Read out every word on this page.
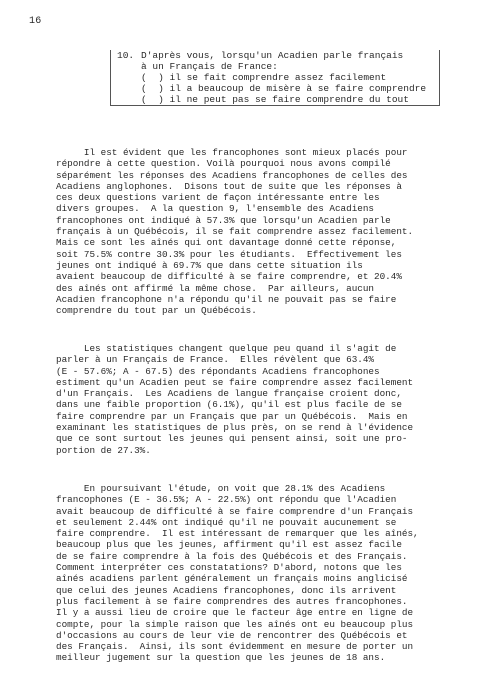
16
10. D'après vous, lorsqu'un Acadien parle français
à un Français de France:
(  ) il se fait comprendre assez facilement
(  ) il a beaucoup de misère à se faire comprendre
(  ) il ne peut pas se faire comprendre du tout
Il est évident que les francophones sont mieux placés pour
répondre à cette question. Voilà pourquoi nous avons compilé
séparément les réponses des Acadiens francophones de celles des
Acadiens anglophones.  Disons tout de suite que les réponses à
ces deux questions varient de façon intéressante entre les
divers groupes.  A la question 9, l'ensemble des Acadiens
francophones ont indiqué à 57.3% que lorsqu'un Acadien parle
français à un Québécois, il se fait comprendre assez facilement.
Mais ce sont les aînés qui ont davantage donné cette réponse,
soit 75.5% contre 30.3% pour les étudiants.  Effectivement les
jeunes ont indiqué à 69.7% que dans cette situation ils
avaient beaucoup de difficulté à se faire comprendre, et 20.4%
des aînés ont affirmé la même chose.  Par ailleurs, aucun
Acadien francophone n'a répondu qu'il ne pouvait pas se faire
comprendre du tout par un Québécois.
Les statistiques changent quelque peu quand il s'agit de
parler à un Français de France.  Elles révèlent que 63.4%
(E - 57.6%; A - 67.5) des répondants Acadiens francophones
estiment qu'un Acadien peut se faire comprendre assez facilement
d'un Français.  Les Acadiens de langue française croient donc,
dans une faible proportion (6.1%), qu'il est plus facile de se
faire comprendre par un Français que par un Québécois.  Mais en
examinant les statistiques de plus près, on se rend à l'évidence
que ce sont surtout les jeunes qui pensent ainsi, soit une pro-
portion de 27.3%.
En poursuivant l'étude, on voit que 28.1% des Acadiens
francophones (E - 36.5%; A - 22.5%) ont répondu que l'Acadien
avait beaucoup de difficulté à se faire comprendre d'un Français
et seulement 2.44% ont indiqué qu'il ne pouvait aucunement se
faire comprendre.  Il est intéressant de remarquer que les aînés,
beaucoup plus que les jeunes, affirment qu'il est assez facile
de se faire comprendre à la fois des Québécois et des Français.
Comment interpréter ces constatations? D'abord, notons que les
aînés acadiens parlent généralement un français moins anglicisé
que celui des jeunes Acadiens francophones, donc ils arrivent
plus facilement à se faire comprendres des autres francophones.
Il y a aussi lieu de croire que le facteur âge entre en ligne de
compte, pour la simple raison que les aînés ont eu beaucoup plus
d'occasions au cours de leur vie de rencontrer des Québécois et
des Français.  Ainsi, ils sont évidemment en mesure de porter un
meilleur jugement sur la question que les jeunes de 18 ans.
